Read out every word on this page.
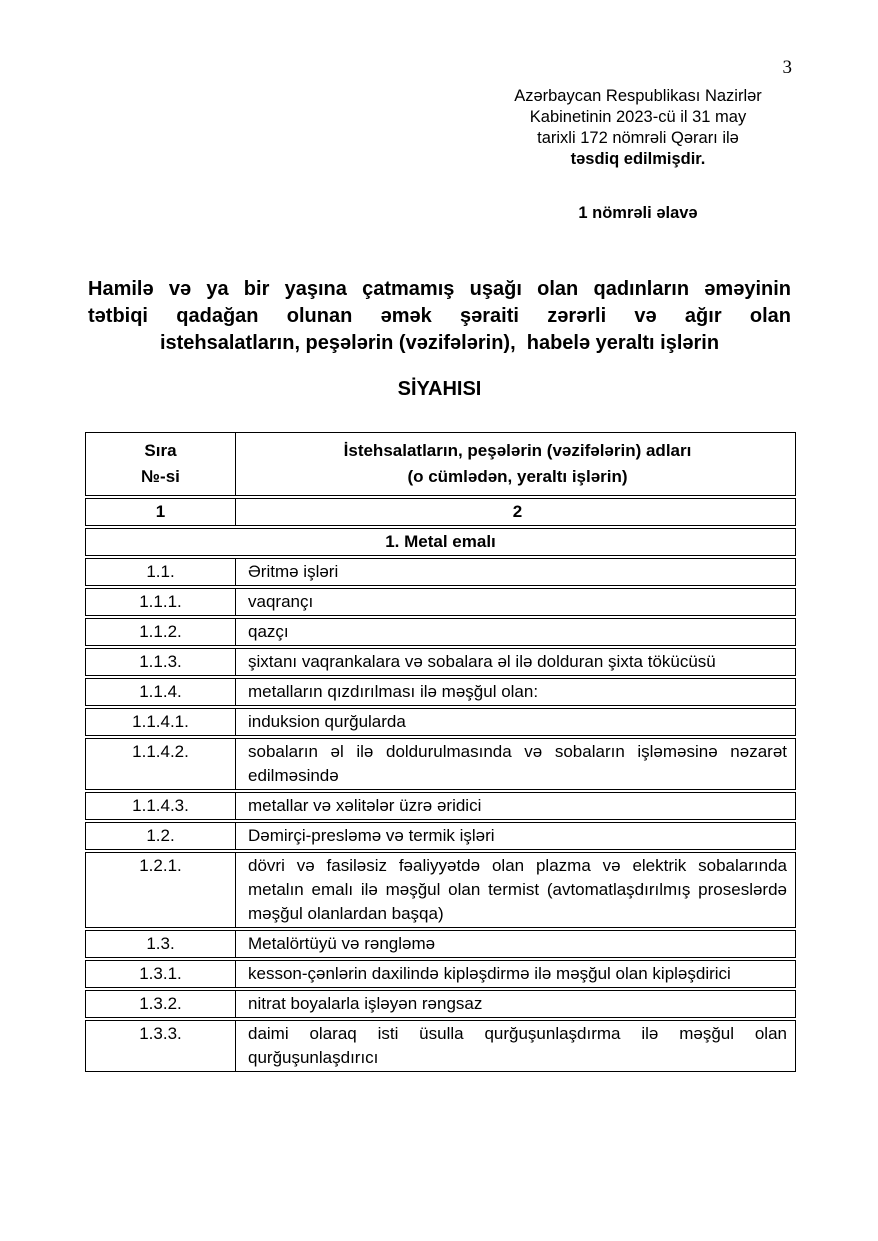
3
Azərbaycan Respublikası Nazirlər
Kabinetinin 2023-cü il 31 may
tarixli 172 nömrəli Qərarı ilə
təsdiq edilmişdir.
1 nömrəli əlavə
Hamilə və ya bir yaşına çatmamış uşağı olan qadınların əməyinin
tətbiqi qadağan olunan əmək şəraiti zərərli və ağır olan
istehsalatların, peşələrin (vəzifələrin),  habelə yeraltı işlərin
SİYAHISI
Sıra
№-si

İstehsalatların, peşələrin (vəzifələrin) adları
(o cümlədən, yeraltı işlərin)

1	2
1. Metal emalı	
1.1.	Əritmə işləri
1.1.1.	vaqrançı
1.1.2.	qazçı
1.1.3.	şixtanı vaqrankalara və sobalara əl ilə dolduran şixta tökücüsü
1.1.4.	metalların qızdırılması ilə məşğul olan:
1.1.4.1.	induksion qurğularda
1.1.4.2.	sobaların əl ilə doldurulmasında və sobaların işləməsinə nəzarət edilməsində
1.1.4.3.	metallar və xəlitələr üzrə əridici
1.2.	Dəmirçi-presləmə və termik işləri
1.2.1.	dövri və fasiləsiz fəaliyyətdə olan plazma və elektrik sobalarında metalın emalı ilə məşğul olan termist (avtomatlaşdırılmış proseslərdə məşğul olanlardan başqa)
1.3.	Metalörtüyü və rəngləmə
1.3.1.	kesson-çənlərin daxilində kipləşdirmə ilə məşğul olan kipləşdirici
1.3.2.	nitrat boyalarla işləyən rəngsaz
1.3.3.	daimi olaraq isti üsulla qurğuşunlaşdırma ilə məşğul olan qurğuşunlaşdırıcı
